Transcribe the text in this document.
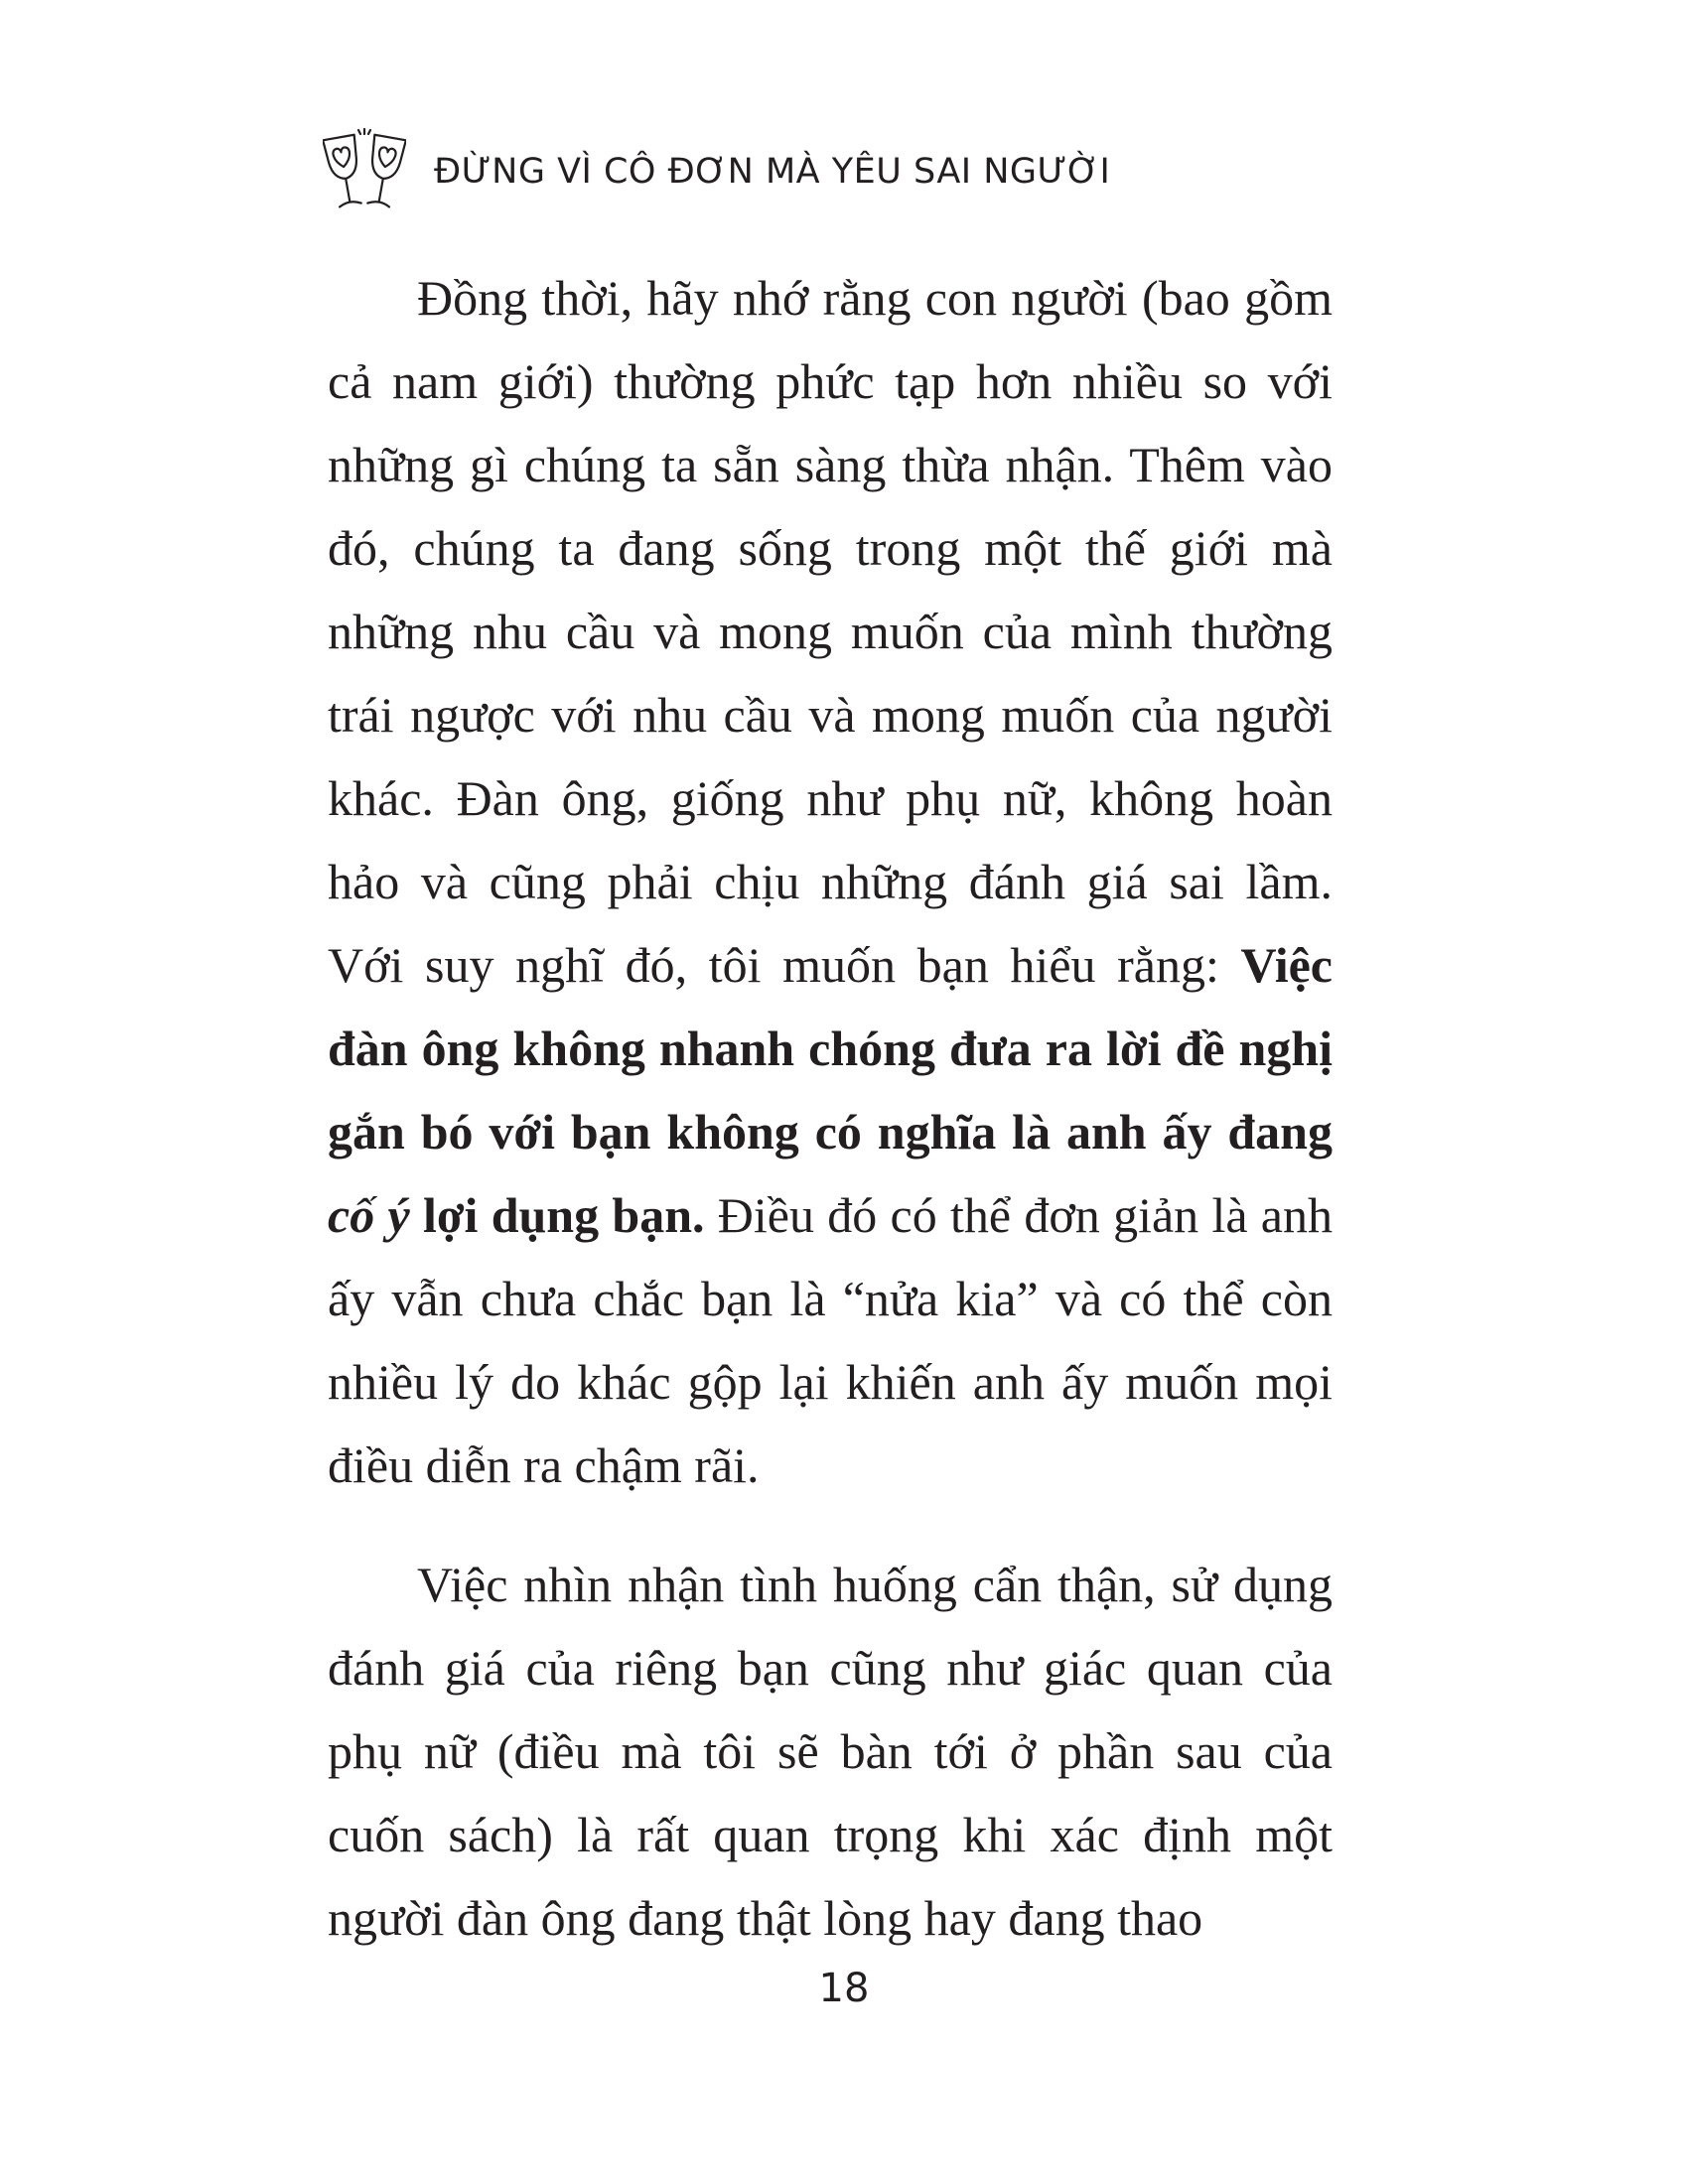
ĐỪNG VÌ CÔ ĐƠN MÀ YÊU SAI NGƯỜI
Đồng thời, hãy nhớ rằng con người (bao gồm
cả nam giới) thường phức tạp hơn nhiều so với
những gì chúng ta sẵn sàng thừa nhận. Thêm vào
đó, chúng ta đang sống trong một thế giới mà
những nhu cầu và mong muốn của mình thường
trái ngược với nhu cầu và mong muốn của người
khác. Đàn ông, giống như phụ nữ, không hoàn
hảo và cũng phải chịu những đánh giá sai lầm.
Với suy nghĩ đó, tôi muốn bạn hiểu rằng: Việc
đàn ông không nhanh chóng đưa ra lời đề nghị
gắn bó với bạn không có nghĩa là anh ấy đang
cố ý lợi dụng bạn. Điều đó có thể đơn giản là anh
ấy vẫn chưa chắc bạn là “nửa kia” và có thể còn
nhiều lý do khác gộp lại khiến anh ấy muốn mọi
điều diễn ra chậm rãi.
Việc nhìn nhận tình huống cẩn thận, sử dụng
đánh giá của riêng bạn cũng như giác quan của
phụ nữ (điều mà tôi sẽ bàn tới ở phần sau của
cuốn sách) là rất quan trọng khi xác định một
người đàn ông đang thật lòng hay đang thao
18
